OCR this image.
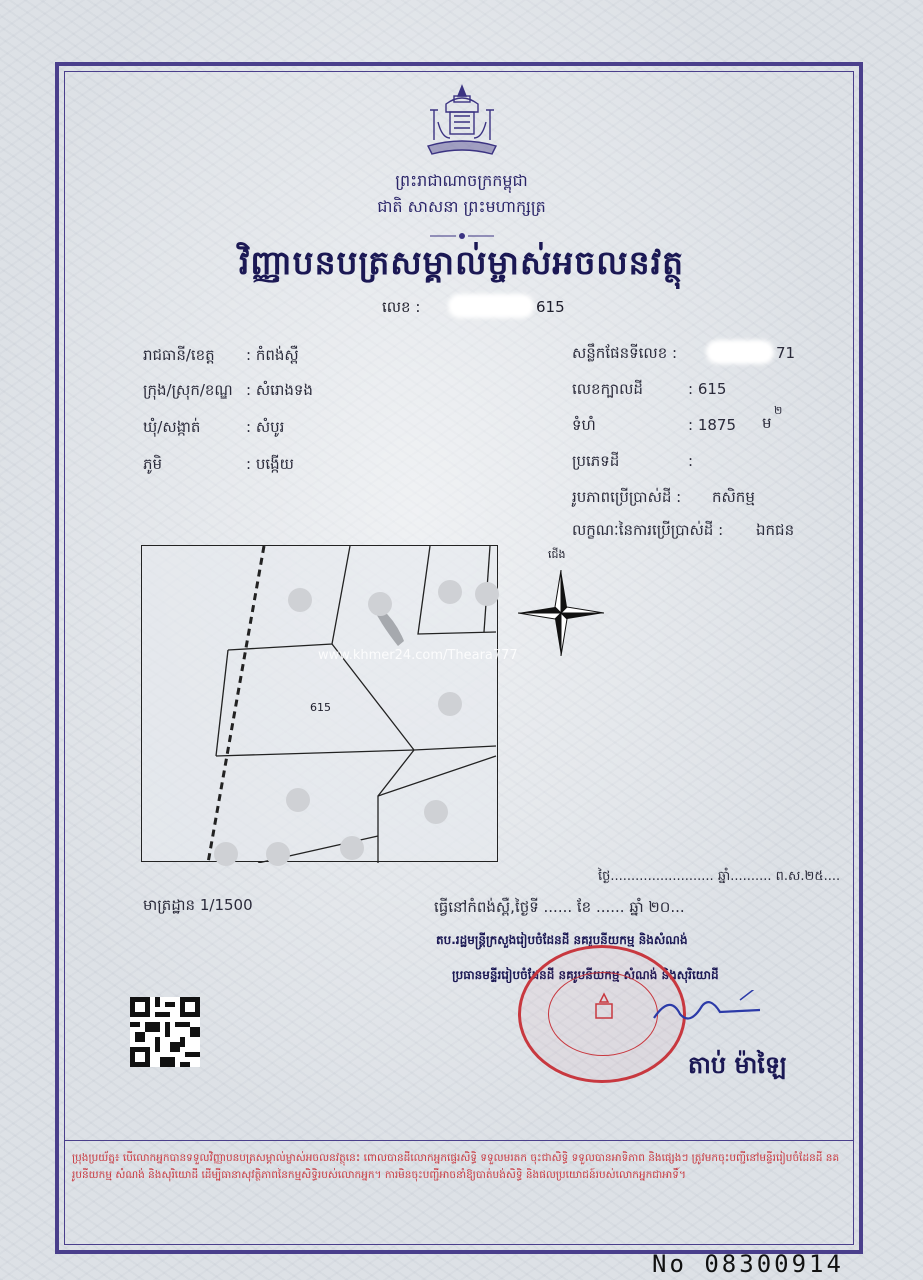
ព្រះរាជាណាចក្រកម្ពុជា
ជាតិ សាសនា ព្រះមហាក្សត្រ
វិញ្ញាបនបត្រសម្គាល់ម្ចាស់អចលនវត្ថុ
លេខ :	615
រាជធានី/ខេត្ត : កំពង់ស្ពឺ
ក្រុង/ស្រុក/ខណ្ឌ : សំរោងទង
ឃុំ/សង្កាត់	: សំបូរ
ភូមិ	: បង្កើយ
សន្លឹកផែនទីលេខ :	71
លេខក្បាលដី	: 615
ទំហំ	: 1875 ម
២
ប្រភេទដី	:
រូបភាពប្រើប្រាស់ដី : កសិកម្ម
លក្ខណៈនៃការប្រើប្រាស់ដី : ឯកជន
615
www.khmer24.com/Theara777
ជើង
ថ្ងៃ......................... ឆ្នាំ.......... ព.ស.២៥....
មាត្រដ្ឋាន 1/1500	ធ្វើនៅកំពង់ស្ពឺ,ថ្ងៃទី ...... ខែ ...... ឆ្នាំ ២០...
តប.រដ្ឋមន្ត្រីក្រសួងរៀបចំដែនដី នគរូបនីយកម្ម និងសំណង់
ប្រធានមន្ទីររៀបចំដែនដី នគរូបនីយកម្ម សំណង់ និងសុរិយោដី
តាប់ ម៉ាឡៃ
ប្រុងប្រយ័ត្ន៖ បើលោកអ្នកបានទទួលវិញ្ញាបនបត្រសម្គាល់ម្ចាស់អចលនវត្ថុនេះ ពោលបានដីលោកអ្នកផ្ទេរសិទ្ធិ ទទួលមរតក ចុះជាសិទ្ធិ ទទួលបានអាទិភាព និងផ្សេងៗ ត្រូវមកចុះបញ្ជីនៅមន្ទីររៀបចំដែនដី នគរូបនីយកម្ម សំណង់ និងសុរិយោដី ដើម្បីធានាសុវត្ថិភាពនៃកម្មសិទ្ធិរបស់លោកអ្នក។ ការមិនចុះបញ្ជីអាចនាំឱ្យបាត់បង់សិទ្ធិ និងផលប្រយោជន៍របស់លោកអ្នកជាអាទិ៍។
No 08300914
